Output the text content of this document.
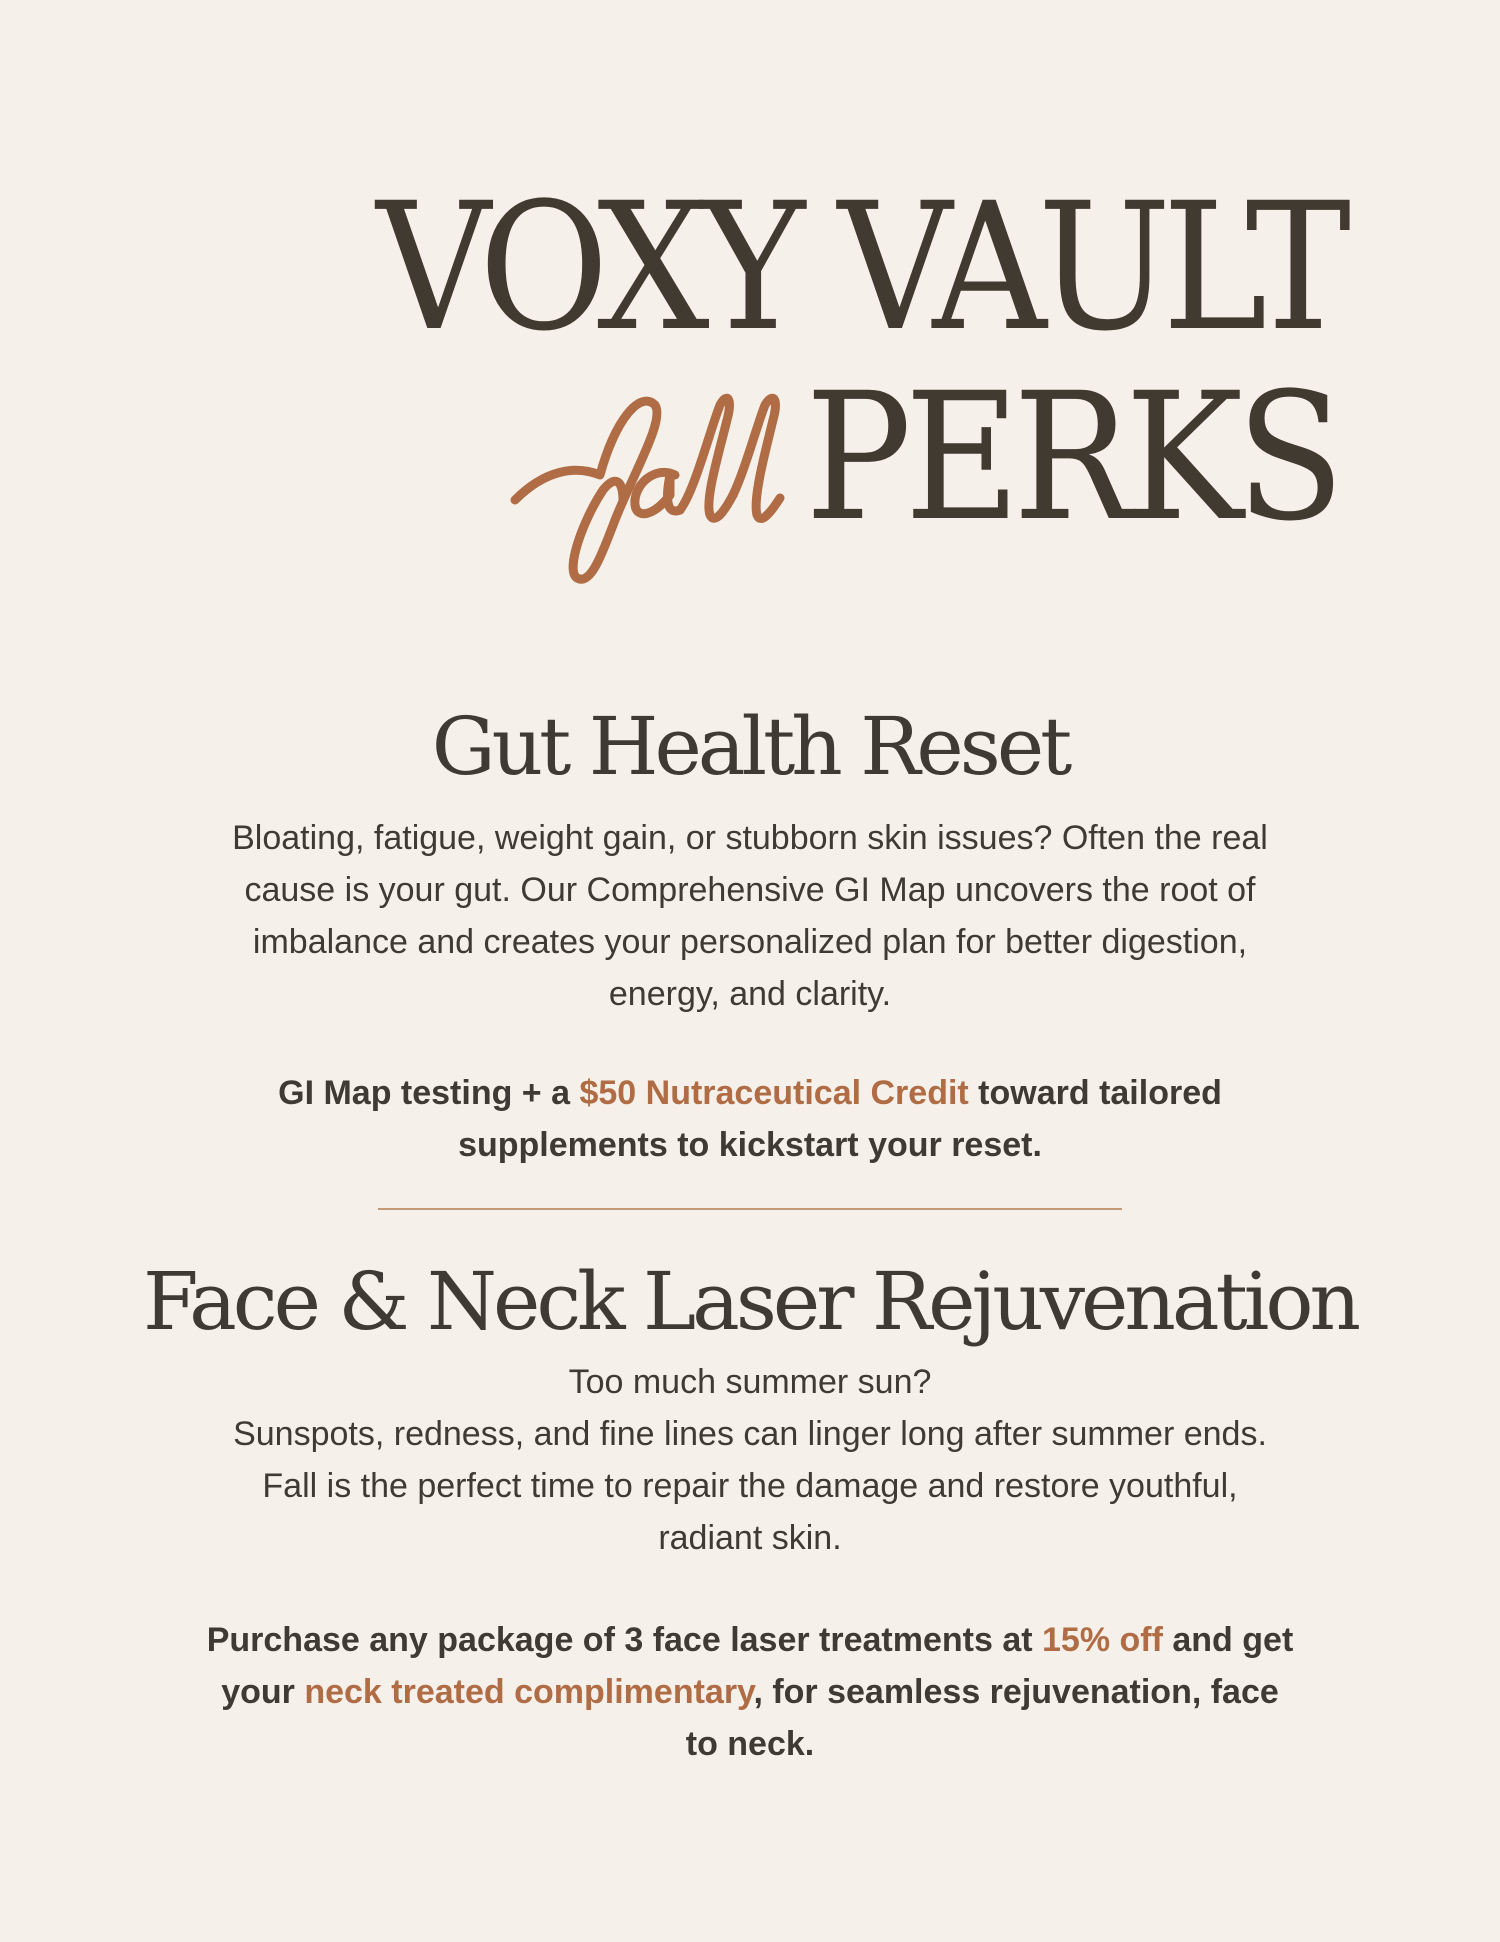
VOXY VAULT
PERKS
Gut Health Reset

Bloating, fatigue, weight gain, or stubborn skin issues? Often the real

cause is your gut. Our Comprehensive GI Map uncovers the root of

imbalance and creates your personalized plan for better digestion,

energy, and clarity.

GI Map testing + a $50 Nutraceutical Credit toward tailored
supplements to kickstart your reset.
Face & Neck Laser Rejuvenation

Too much summer sun?

Sunspots, redness, and fine lines can linger long after summer ends.

Fall is the perfect time to repair the damage and restore youthful,

radiant skin.

Purchase any package of 3 face laser treatments at 15% off and get
your neck treated complimentary, for seamless rejuvenation, face
to neck.
